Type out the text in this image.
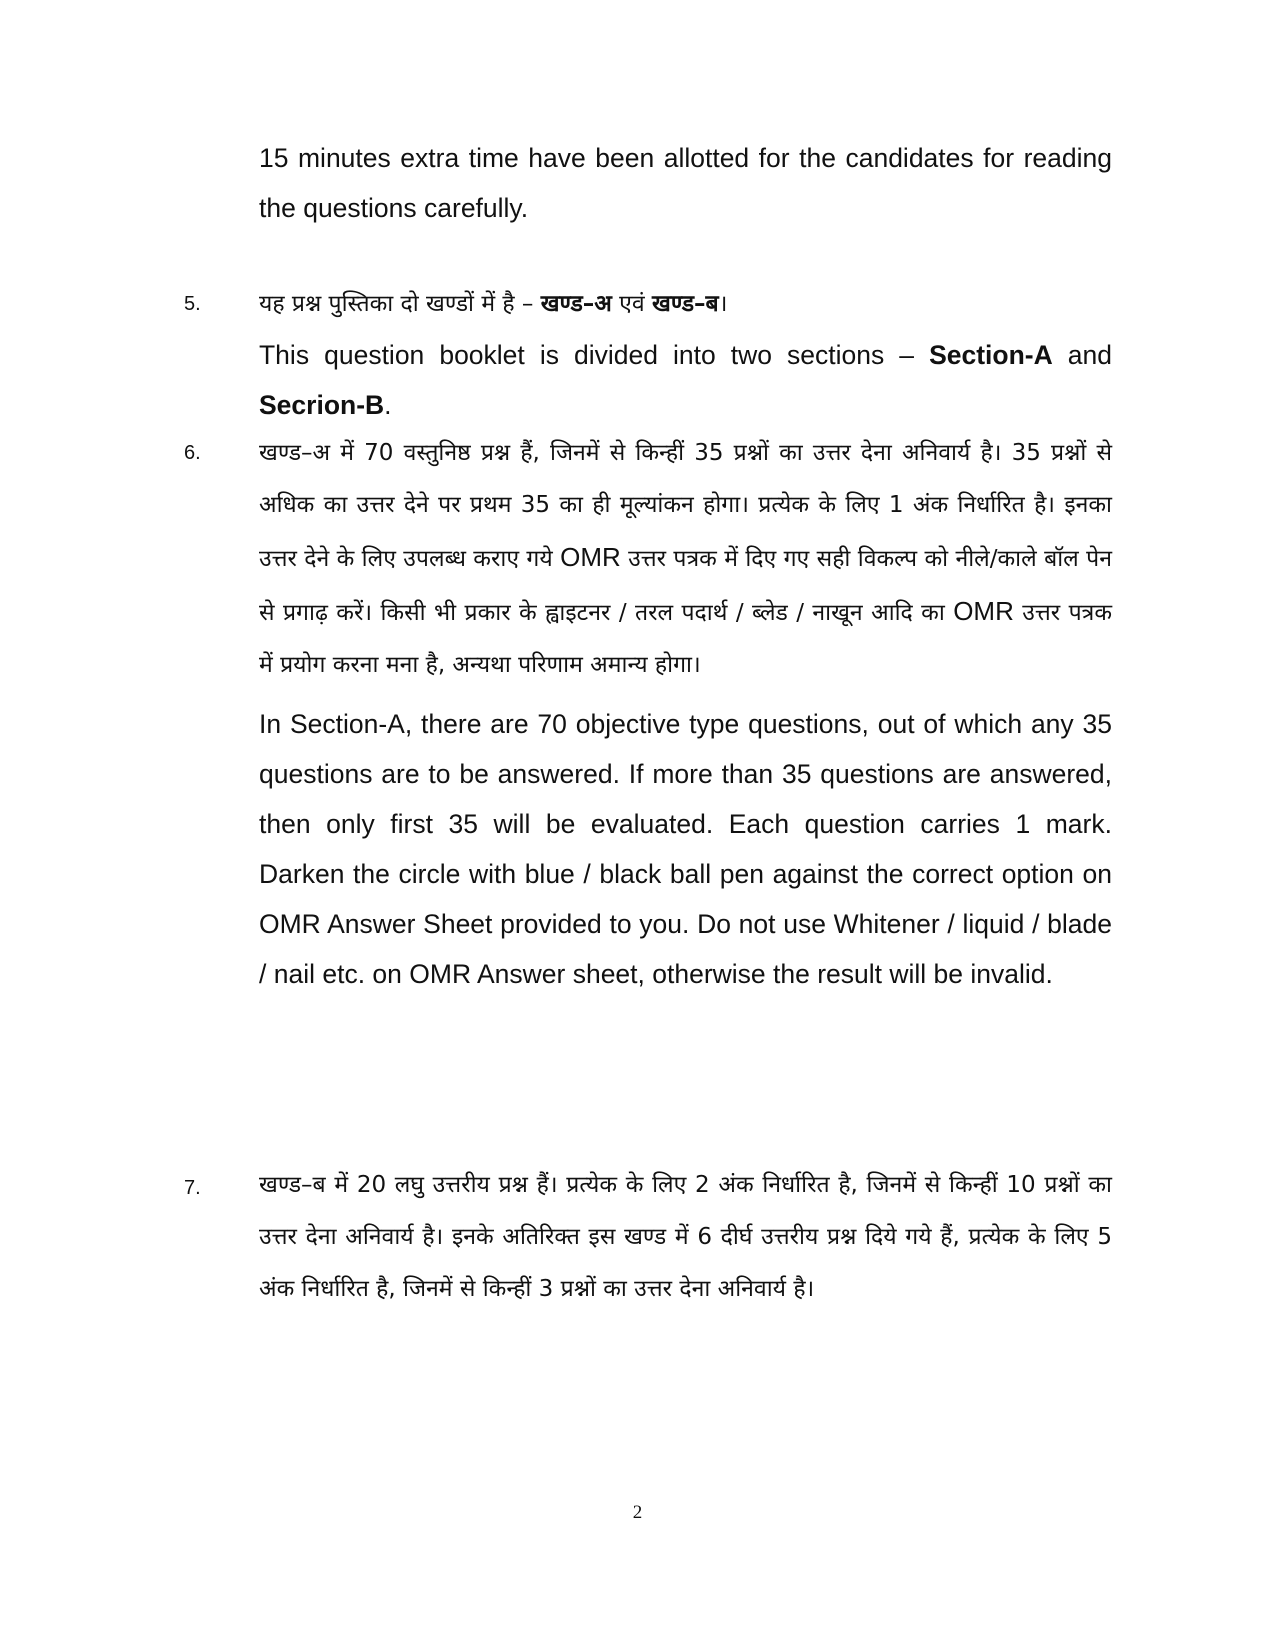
15 minutes extra time have been allotted for the candidates for reading the questions carefully.

5.	यह प्रश्न पुस्तिका दो खण्डों में है – खण्ड–अ एवं खण्ड–ब।

This question booklet is divided into two sections – Section-A and Secrion-B.

6.	खण्ड–अ में 70 वस्तुनिष्ठ प्रश्न हैं, जिनमें से किन्हीं 35 प्रश्नों का उत्तर देना अनिवार्य है। 35 प्रश्नों से अधिक का उत्तर देने पर प्रथम 35 का ही मूल्यांकन होगा। प्रत्येक के लिए 1 अंक निर्धारित है। इनका उत्तर देने के लिए उपलब्ध कराए गये OMR उत्तर पत्रक में दिए गए सही विकल्प को नीले/काले बॉल पेन से प्रगाढ़ करें। किसी भी प्रकार के ह्वाइटनर / तरल पदार्थ / ब्लेड / नाखून आदि का OMR उत्तर पत्रक में प्रयोग करना मना है, अन्यथा परिणाम अमान्य होगा।

In Section-A, there are 70 objective type questions, out of which any 35 questions are to be answered. If more than 35 questions are answered, then only first 35 will be evaluated. Each question carries 1 mark. Darken the circle with blue / black ball pen against the correct option on OMR Answer Sheet provided to you. Do not use Whitener / liquid / blade / nail etc. on OMR Answer sheet, otherwise the result will be invalid.

7.	खण्ड–ब में 20 लघु उत्तरीय प्रश्न हैं। प्रत्येक के लिए 2 अंक निर्धारित है, जिनमें से किन्हीं 10 प्रश्नों का उत्तर देना अनिवार्य है। इनके अतिरिक्त इस खण्ड में 6 दीर्घ उत्तरीय प्रश्न दिये गये हैं, प्रत्येक के लिए 5 अंक निर्धारित है, जिनमें से किन्हीं 3 प्रश्नों का उत्तर देना अनिवार्य है।

2
